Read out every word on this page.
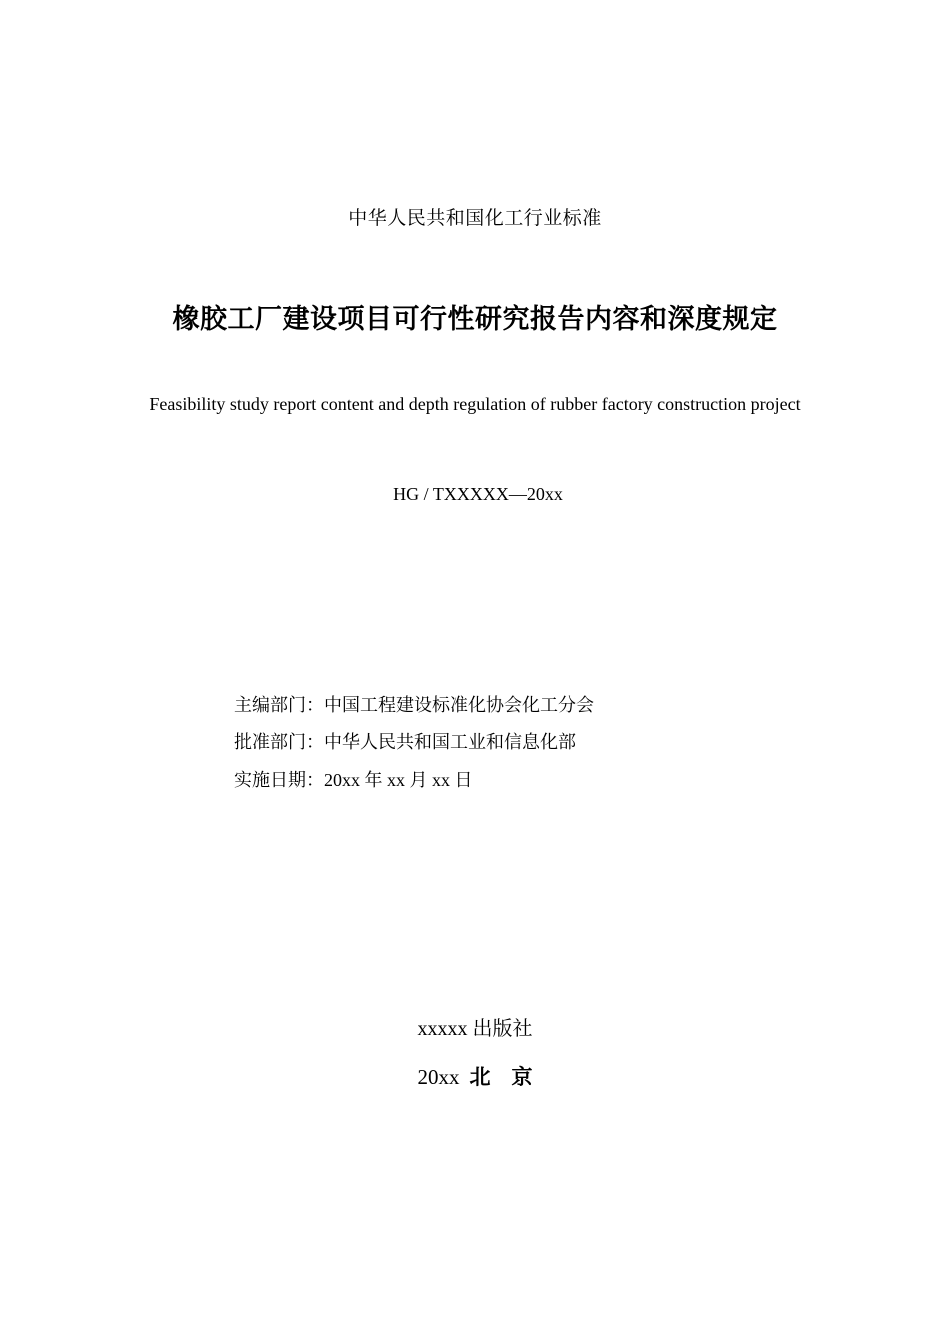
中华人民共和国化工行业标准
橡胶工厂建设项目可行性研究报告内容和深度规定
Feasibility study report content and depth regulation of rubber factory construction project
HG / TXXXXX—20xx
主编部门：中国工程建设标准化协会化工分会
批准部门：中华人民共和国工业和信息化部
实施日期：20xx 年 xx 月 xx 日
xxxxx 出版社
20xx 北　京
